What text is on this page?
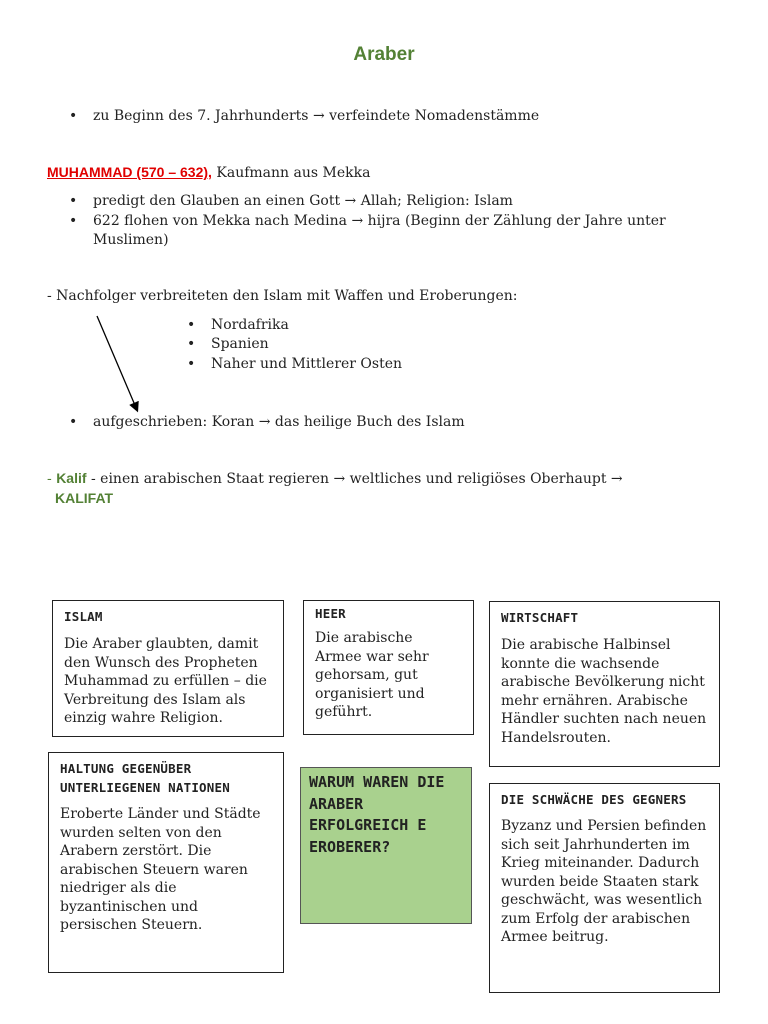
Araber
• zu Beginn des 7. Jahrhunderts → verfeindete Nomadenstämme
MUHAMMAD (570 – 632), Kaufmann aus Mekka
• predigt den Glauben an einen Gott → Allah; Religion: Islam
• 622 flohen von Mekka nach Medina → hijra (Beginn der Zählung der Jahre unter Muslimen)
- Nachfolger verbreiteten den Islam mit Waffen und Eroberungen:
• Nordafrika
• Spanien
• Naher und Mittlerer Osten
• aufgeschrieben: Koran → das heilige Buch des Islam
- Kalif - einen arabischen Staat regieren → weltliches und religiöses Oberhaupt →
KALIFAT
ISLAM
Die Araber glaubten, damit den Wunsch des Propheten Muhammad zu erfüllen – die Verbreitung des Islam als einzig wahre Religion.
HEER
Die arabische Armee war sehr gehorsam, gut organisiert und geführt.
WIRTSCHAFT
Die arabische Halbinsel konnte die wachsende arabische Bevölkerung nicht mehr ernähren. Arabische Händler suchten nach neuen Handelsrouten.
HALTUNG GEGENÜBER UNTERLIEGENEN NATIONEN
Eroberte Länder und Städte wurden selten von den Arabern zerstört. Die arabischen Steuern waren niedriger als die byzantinischen und persischen Steuern.
WARUM WAREN DIE ARABER ERFOLGREICH E EROBERER?
DIE SCHWÄCHE DES GEGNERS
Byzanz und Persien befinden sich seit Jahrhunderten im Krieg miteinander. Dadurch wurden beide Staaten stark geschwächt, was wesentlich zum Erfolg der arabischen Armee beitrug.
